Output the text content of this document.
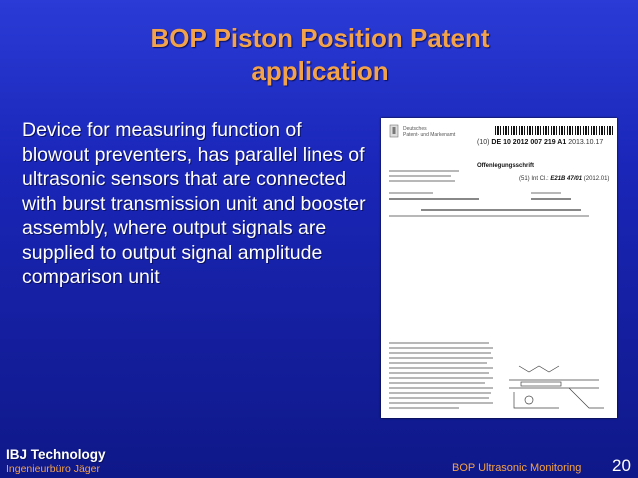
BOP Piston Position Patent
application
Device for measuring function of blowout preventers, has parallel lines of ultrasonic sensors that are connected with burst transmission unit and booster assembly, where output signals are supplied to output signal amplitude comparison unit
Deutsches
Patent- und Markenamt
(10) DE 10 2012 007 219 A1 2013.10.17
Offenlegungsschrift
(51) Int Cl.: E21B 47/01 (2012.01)
IBJ Technology
Ingenieurbüro Jäger	BOP Ultrasonic Monitoring 20
